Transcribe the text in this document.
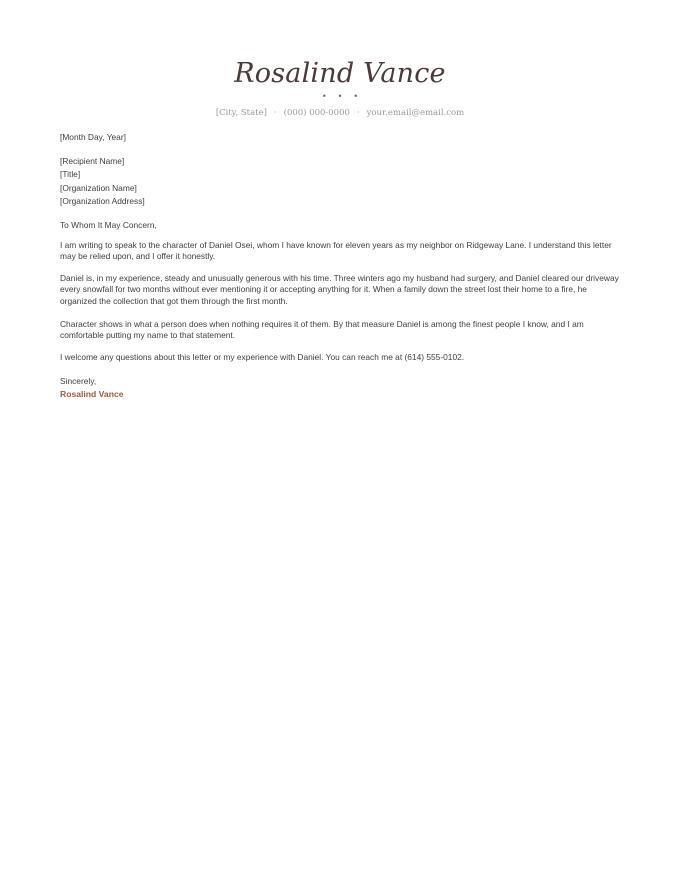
Rosalind Vance
• • •
[City, State] · (000) 000-0000 · your.email@email.com
[Month Day, Year]
[Recipient Name]
[Title]
[Organization Name]
[Organization Address]
To Whom It May Concern,
I am writing to speak to the character of Daniel Osei, whom I have known for eleven years as my neighbor on Ridgeway Lane. I understand this letter may be relied upon, and I offer it honestly.
Daniel is, in my experience, steady and unusually generous with his time. Three winters ago my husband had surgery, and Daniel cleared our driveway every snowfall for two months without ever mentioning it or accepting anything for it. When a family down the street lost their home to a fire, he organized the collection that got them through the first month.
Character shows in what a person does when nothing requires it of them. By that measure Daniel is among the finest people I know, and I am comfortable putting my name to that statement.
I welcome any questions about this letter or my experience with Daniel. You can reach me at (614) 555-0102.
Sincerely,
Rosalind Vance
